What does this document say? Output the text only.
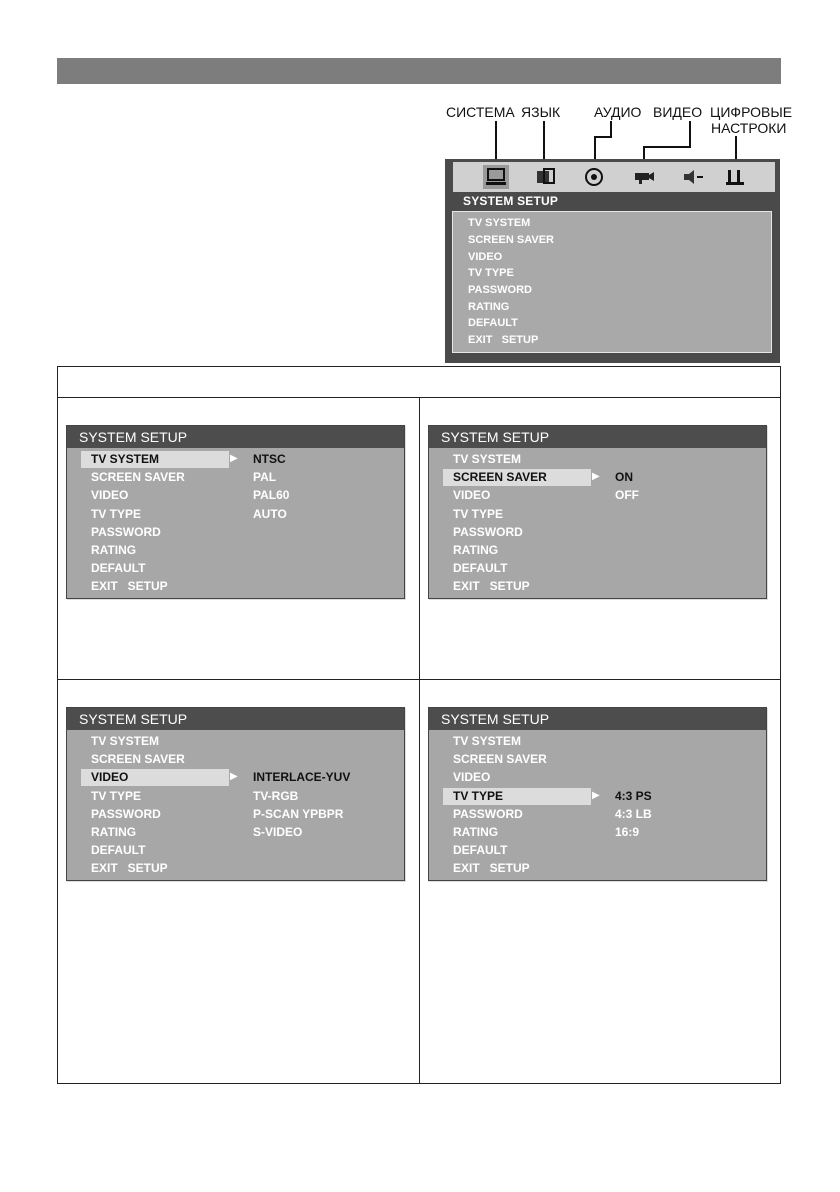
СИСТЕМА ЯЗЫК АУДИО ВИДЕО ЦИФРОВЫЕ
НАСТРОКИ
SYSTEM SETUP
TV SYSTEM
SCREEN SAVER
VIDEO
TV TYPE
PASSWORD
RATING
DEFAULT
EXIT   SETUP
SYSTEM SETUP
TV SYSTEM
SCREEN SAVER
VIDEO
TV TYPE
PASSWORD
RATING
DEFAULT
EXIT   SETUP
▶ NTSC
PAL
PAL60
AUTO
SYSTEM SETUP
TV SYSTEM
SCREEN SAVER
VIDEO
TV TYPE
PASSWORD
RATING
DEFAULT
EXIT   SETUP
▶ ON
OFF
SYSTEM SETUP
TV SYSTEM
SCREEN SAVER
VIDEO
TV TYPE
PASSWORD
RATING
DEFAULT
EXIT   SETUP
▶ INTERLACE-YUV
TV-RGB
P-SCAN YPBPR
S-VIDEO
SYSTEM SETUP
TV SYSTEM
SCREEN SAVER
VIDEO
TV TYPE
PASSWORD
RATING
DEFAULT
EXIT   SETUP
▶ 4:3 PS
4:3 LB
16:9
